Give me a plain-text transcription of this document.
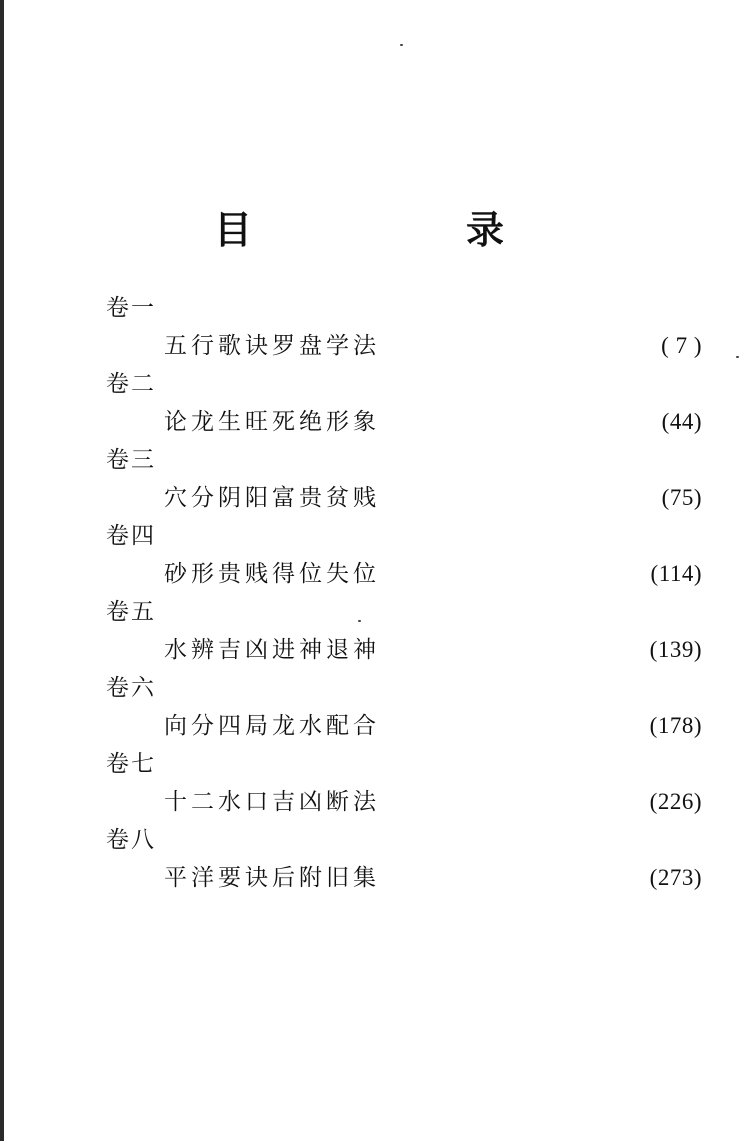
目　录
卷一
五行歌诀罗盘学法	( 7 )
卷二
论龙生旺死绝形象	(44)
卷三
穴分阴阳富贵贫贱	(75)
卷四
砂形贵贱得位失位	(114)
卷五
水辨吉凶进神退神	(139)
卷六
向分四局龙水配合	(178)
卷七
十二水口吉凶断法	(226)
卷八
平洋要诀后附旧集	(273)
